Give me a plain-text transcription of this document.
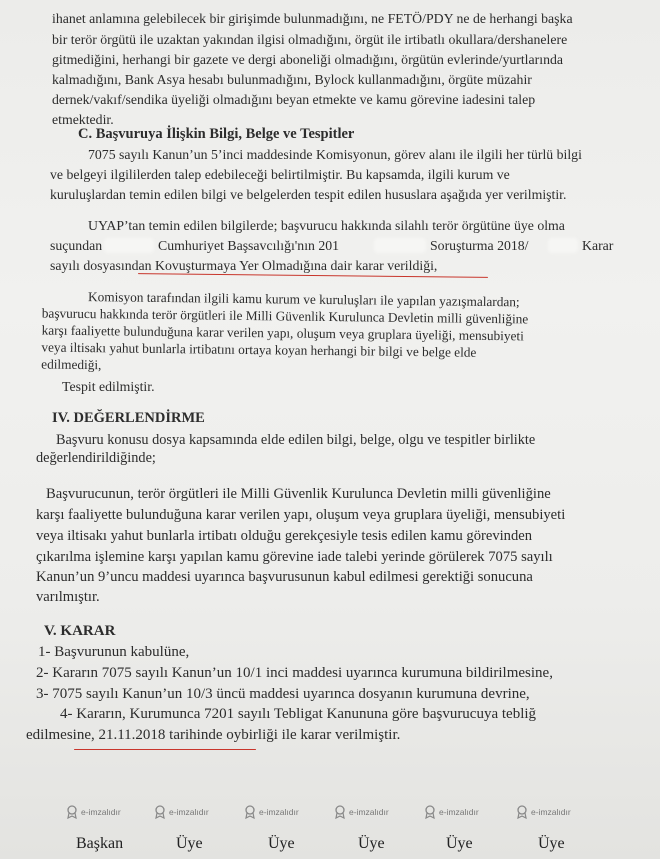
ihanet anlamına gelebilecek bir girişimde bulunmadığını, ne FETÖ/PDY ne de herhangi başka
bir terör örgütü ile uzaktan yakından ilgisi olmadığını, örgüt ile irtibatlı okullara/dershanelere
gitmediğini, herhangi bir gazete ve dergi aboneliği olmadığını, örgütün evlerinde/yurtlarında
kalmadığını, Bank Asya hesabı bulunmadığını, Bylock kullanmadığını, örgüte müzahir
dernek/vakıf/sendika üyeliği olmadığını beyan etmekte ve kamu görevine iadesini talep
etmektedir.
C. Başvuruya İlişkin Bilgi, Belge ve Tespitler
7075 sayılı Kanun’un 5’inci maddesinde Komisyonun, görev alanı ile ilgili her türlü bilgi
ve belgeyi ilgililerden talep edebileceği belirtilmiştir. Bu kapsamda, ilgili kurum ve
kuruluşlardan temin edilen bilgi ve belgelerden tespit edilen hususlara aşağıda yer verilmiştir.
UYAP’tan temin edilen bilgilerde; başvurucu hakkında silahlı terör örgütüne üye olma
suçundan	Cumhuriyet Başsavcılığı'nın 201	Soruşturma 2018/	Karar
sayılı dosyasından Kovuşturmaya Yer Olmadığına dair karar verildiği,
Komisyon tarafından ilgili kamu kurum ve kuruluşları ile yapılan yazışmalardan;
başvurucu hakkında terör örgütleri ile Milli Güvenlik Kurulunca Devletin milli güvenliğine
karşı faaliyette bulunduğuna karar verilen yapı, oluşum veya gruplara üyeliği, mensubiyeti
veya iltisakı yahut bunlarla irtibatını ortaya koyan herhangi bir bilgi ve belge elde
edilmediği,
Tespit edilmiştir.
IV. DEĞERLENDİRME
Başvuru konusu dosya kapsamında elde edilen bilgi, belge, olgu ve tespitler birlikte
değerlendirildiğinde;
Başvurucunun, terör örgütleri ile Milli Güvenlik Kurulunca Devletin milli güvenliğine
karşı faaliyette bulunduğuna karar verilen yapı, oluşum veya gruplara üyeliği, mensubiyeti
veya iltisakı yahut bunlarla irtibatı olduğu gerekçesiyle tesis edilen kamu görevinden
çıkarılma işlemine karşı yapılan kamu görevine iade talebi yerinde görülerek 7075 sayılı
Kanun’un 9’uncu maddesi uyarınca başvurusunun kabul edilmesi gerektiği sonucuna
varılmıştır.
V. KARAR
1- Başvurunun kabulüne,
2- Kararın 7075 sayılı Kanun’un 10/1 inci maddesi uyarınca kurumuna bildirilmesine,
3- 7075 sayılı Kanun’un 10/3 üncü maddesi uyarınca dosyanın kurumuna devrine,
4- Kararın, Kurumunca 7201 sayılı Tebligat Kanununa göre başvurucuya tebliğ
edilmesine, 21.11.2018 tarihinde oybirliği ile karar verilmiştir.
e-imzalıdır	e-imzalıdır	e-imzalıdır	e-imzalıdır	e-imzalıdır	e-imzalıdır
Başkan	Üye	Üye	Üye	Üye	Üye
